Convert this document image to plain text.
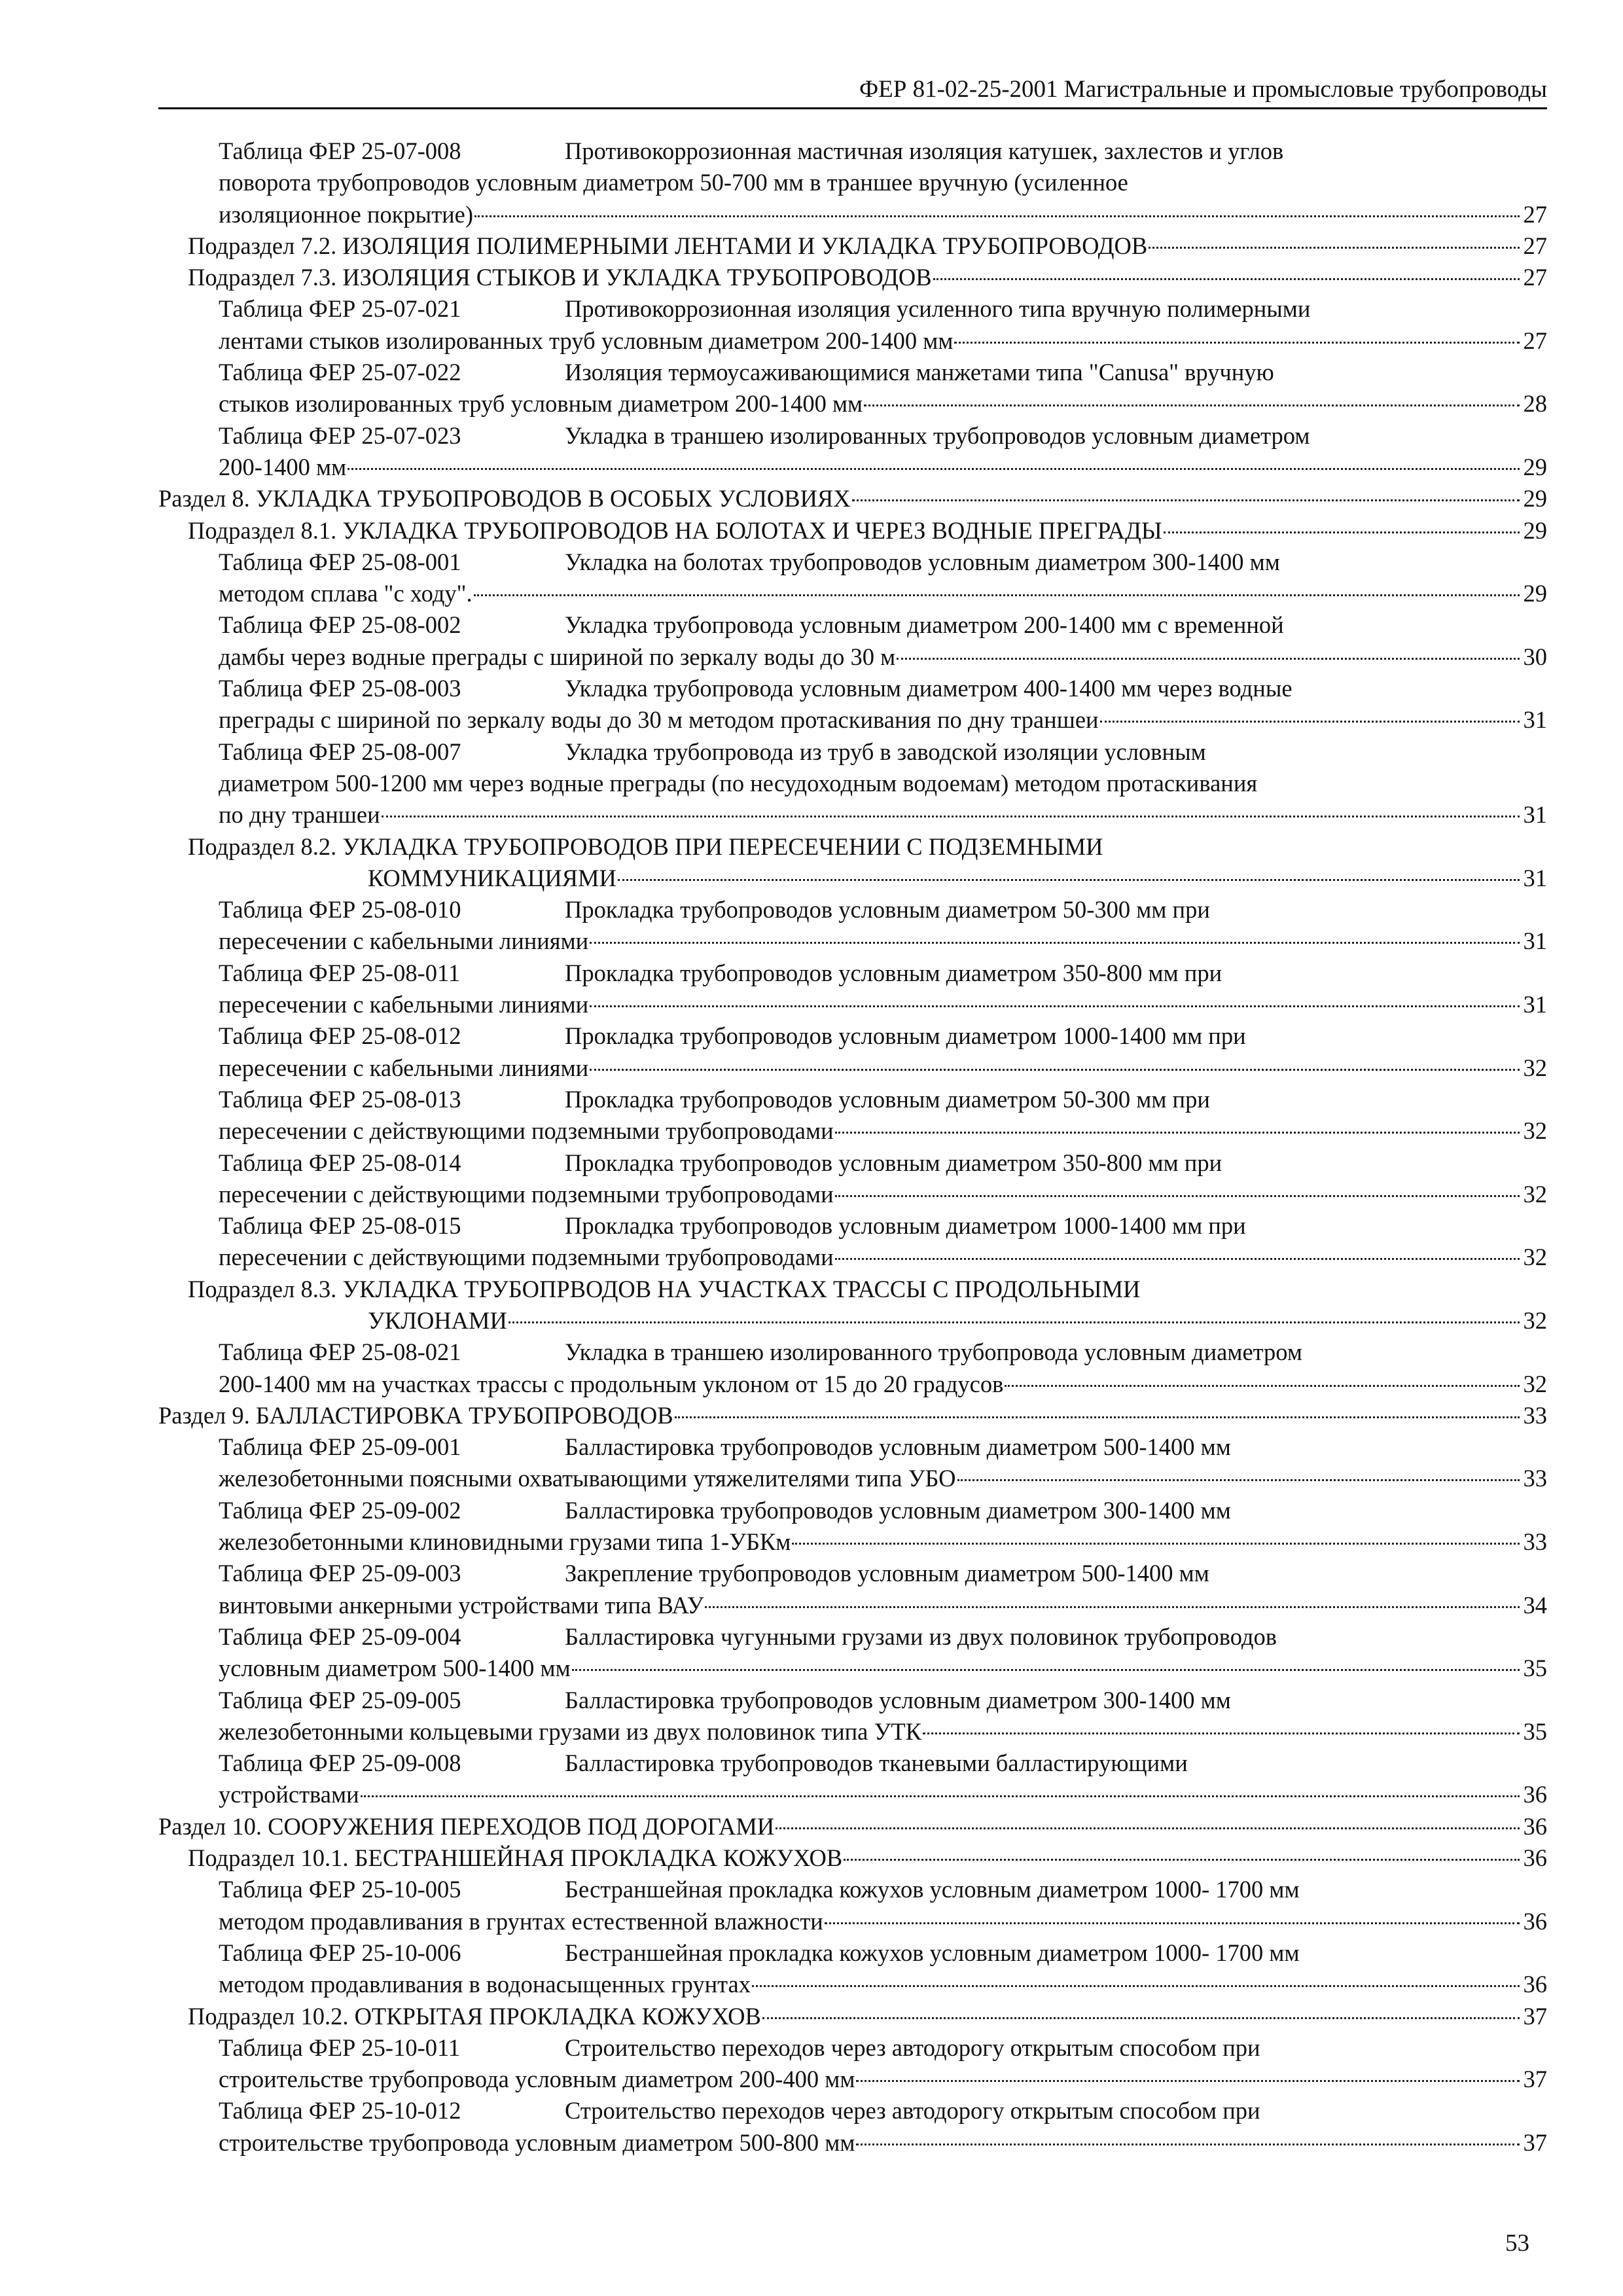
ФЕР 81-02-25-2001 Магистральные и промысловые трубопроводы
Таблица ФЕР 25-07-008	Противокоррозионная мастичная изоляция катушек, захлестов и углов
поворота трубопроводов условным диаметром 50-700 мм в траншее вручную (усиленное
изоляционное покрытие)	27
Подраздел 7.2. ИЗОЛЯЦИЯ ПОЛИМЕРНЫМИ ЛЕНТАМИ И УКЛАДКА ТРУБОПРОВОДОВ	27
Подраздел 7.3. ИЗОЛЯЦИЯ СТЫКОВ И УКЛАДКА ТРУБОПРОВОДОВ	27
Таблица ФЕР 25-07-021	Противокоррозионная изоляция усиленного типа вручную полимерными
лентами стыков изолированных труб условным диаметром 200-1400 мм	27
Таблица ФЕР 25-07-022	Изоляция термоусаживающимися манжетами типа "Canusa" вручную
стыков изолированных труб условным диаметром 200-1400 мм	28
Таблица ФЕР 25-07-023	Укладка в траншею изолированных трубопроводов условным диаметром
200-1400 мм	29
Раздел 8. УКЛАДКА ТРУБОПРОВОДОВ В ОСОБЫХ УСЛОВИЯХ	29
Подраздел 8.1. УКЛАДКА ТРУБОПРОВОДОВ НА БОЛОТАХ И ЧЕРЕЗ ВОДНЫЕ ПРЕГРАДЫ	29
Таблица ФЕР 25-08-001	Укладка на болотах трубопроводов условным диаметром 300-1400 мм
методом сплава "с ходу".	29
Таблица ФЕР 25-08-002	Укладка трубопровода условным диаметром 200-1400 мм с временной
дамбы через водные преграды с шириной по зеркалу воды до 30 м	30
Таблица ФЕР 25-08-003	Укладка трубопровода условным диаметром 400-1400 мм через водные
преграды с шириной по зеркалу воды до 30 м методом протаскивания по дну траншеи	31
Таблица ФЕР 25-08-007	Укладка трубопровода из труб в заводской изоляции условным
диаметром 500-1200 мм через водные преграды (по несудоходным водоемам) методом протаскивания
по дну траншеи	31
Подраздел 8.2. УКЛАДКА ТРУБОПРОВОДОВ ПРИ ПЕРЕСЕЧЕНИИ С ПОДЗЕМНЫМИ
КОММУНИКАЦИЯМИ	31
Таблица ФЕР 25-08-010	Прокладка трубопроводов условным диаметром 50-300 мм при
пересечении с кабельными линиями	31
Таблица ФЕР 25-08-011	Прокладка трубопроводов условным диаметром 350-800 мм при
пересечении с кабельными линиями	31
Таблица ФЕР 25-08-012	Прокладка трубопроводов условным диаметром 1000-1400 мм при
пересечении с кабельными линиями	32
Таблица ФЕР 25-08-013	Прокладка трубопроводов условным диаметром 50-300 мм при
пересечении с действующими подземными трубопроводами	32
Таблица ФЕР 25-08-014	Прокладка трубопроводов условным диаметром 350-800 мм при
пересечении с действующими подземными трубопроводами	32
Таблица ФЕР 25-08-015	Прокладка трубопроводов условным диаметром 1000-1400 мм при
пересечении с действующими подземными трубопроводами	32
Подраздел 8.3. УКЛАДКА ТРУБОПРВОДОВ НА УЧАСТКАХ ТРАССЫ С ПРОДОЛЬНЫМИ
УКЛОНАМИ	32
Таблица ФЕР 25-08-021	Укладка в траншею изолированного трубопровода условным диаметром
200-1400 мм на участках трассы с продольным уклоном от 15 до 20 градусов	32
Раздел 9. БАЛЛАСТИРОВКА ТРУБОПРОВОДОВ	33
Таблица ФЕР 25-09-001	Балластировка трубопроводов условным диаметром 500-1400 мм
железобетонными поясными охватывающими утяжелителями типа УБО	33
Таблица ФЕР 25-09-002	Балластировка трубопроводов условным диаметром 300-1400 мм
железобетонными клиновидными грузами типа 1-УБКм	33
Таблица ФЕР 25-09-003	Закрепление трубопроводов условным диаметром 500-1400 мм
винтовыми анкерными устройствами типа ВАУ	34
Таблица ФЕР 25-09-004	Балластировка чугунными грузами из двух половинок трубопроводов
условным диаметром 500-1400 мм	35
Таблица ФЕР 25-09-005	Балластировка трубопроводов условным диаметром 300-1400 мм
железобетонными кольцевыми грузами из двух половинок типа УТК	35
Таблица ФЕР 25-09-008	Балластировка трубопроводов тканевыми балластирующими
устройствами	36
Раздел 10. СООРУЖЕНИЯ ПЕРЕХОДОВ ПОД ДОРОГАМИ	36
Подраздел 10.1. БЕСТРАНШЕЙНАЯ ПРОКЛАДКА КОЖУХОВ	36
Таблица ФЕР 25-10-005	Бестраншейная прокладка кожухов условным диаметром 1000- 1700 мм
методом продавливания в грунтах естественной влажности	36
Таблица ФЕР 25-10-006	Бестраншейная прокладка кожухов условным диаметром 1000- 1700 мм
методом продавливания в водонасыщенных грунтах	36
Подраздел 10.2. ОТКРЫТАЯ ПРОКЛАДКА КОЖУХОВ	37
Таблица ФЕР 25-10-011	Строительство переходов через автодорогу открытым способом при
строительстве трубопровода условным диаметром 200-400 мм	37
Таблица ФЕР 25-10-012	Строительство переходов через автодорогу открытым способом при
строительстве трубопровода условным диаметром 500-800 мм	37
53
